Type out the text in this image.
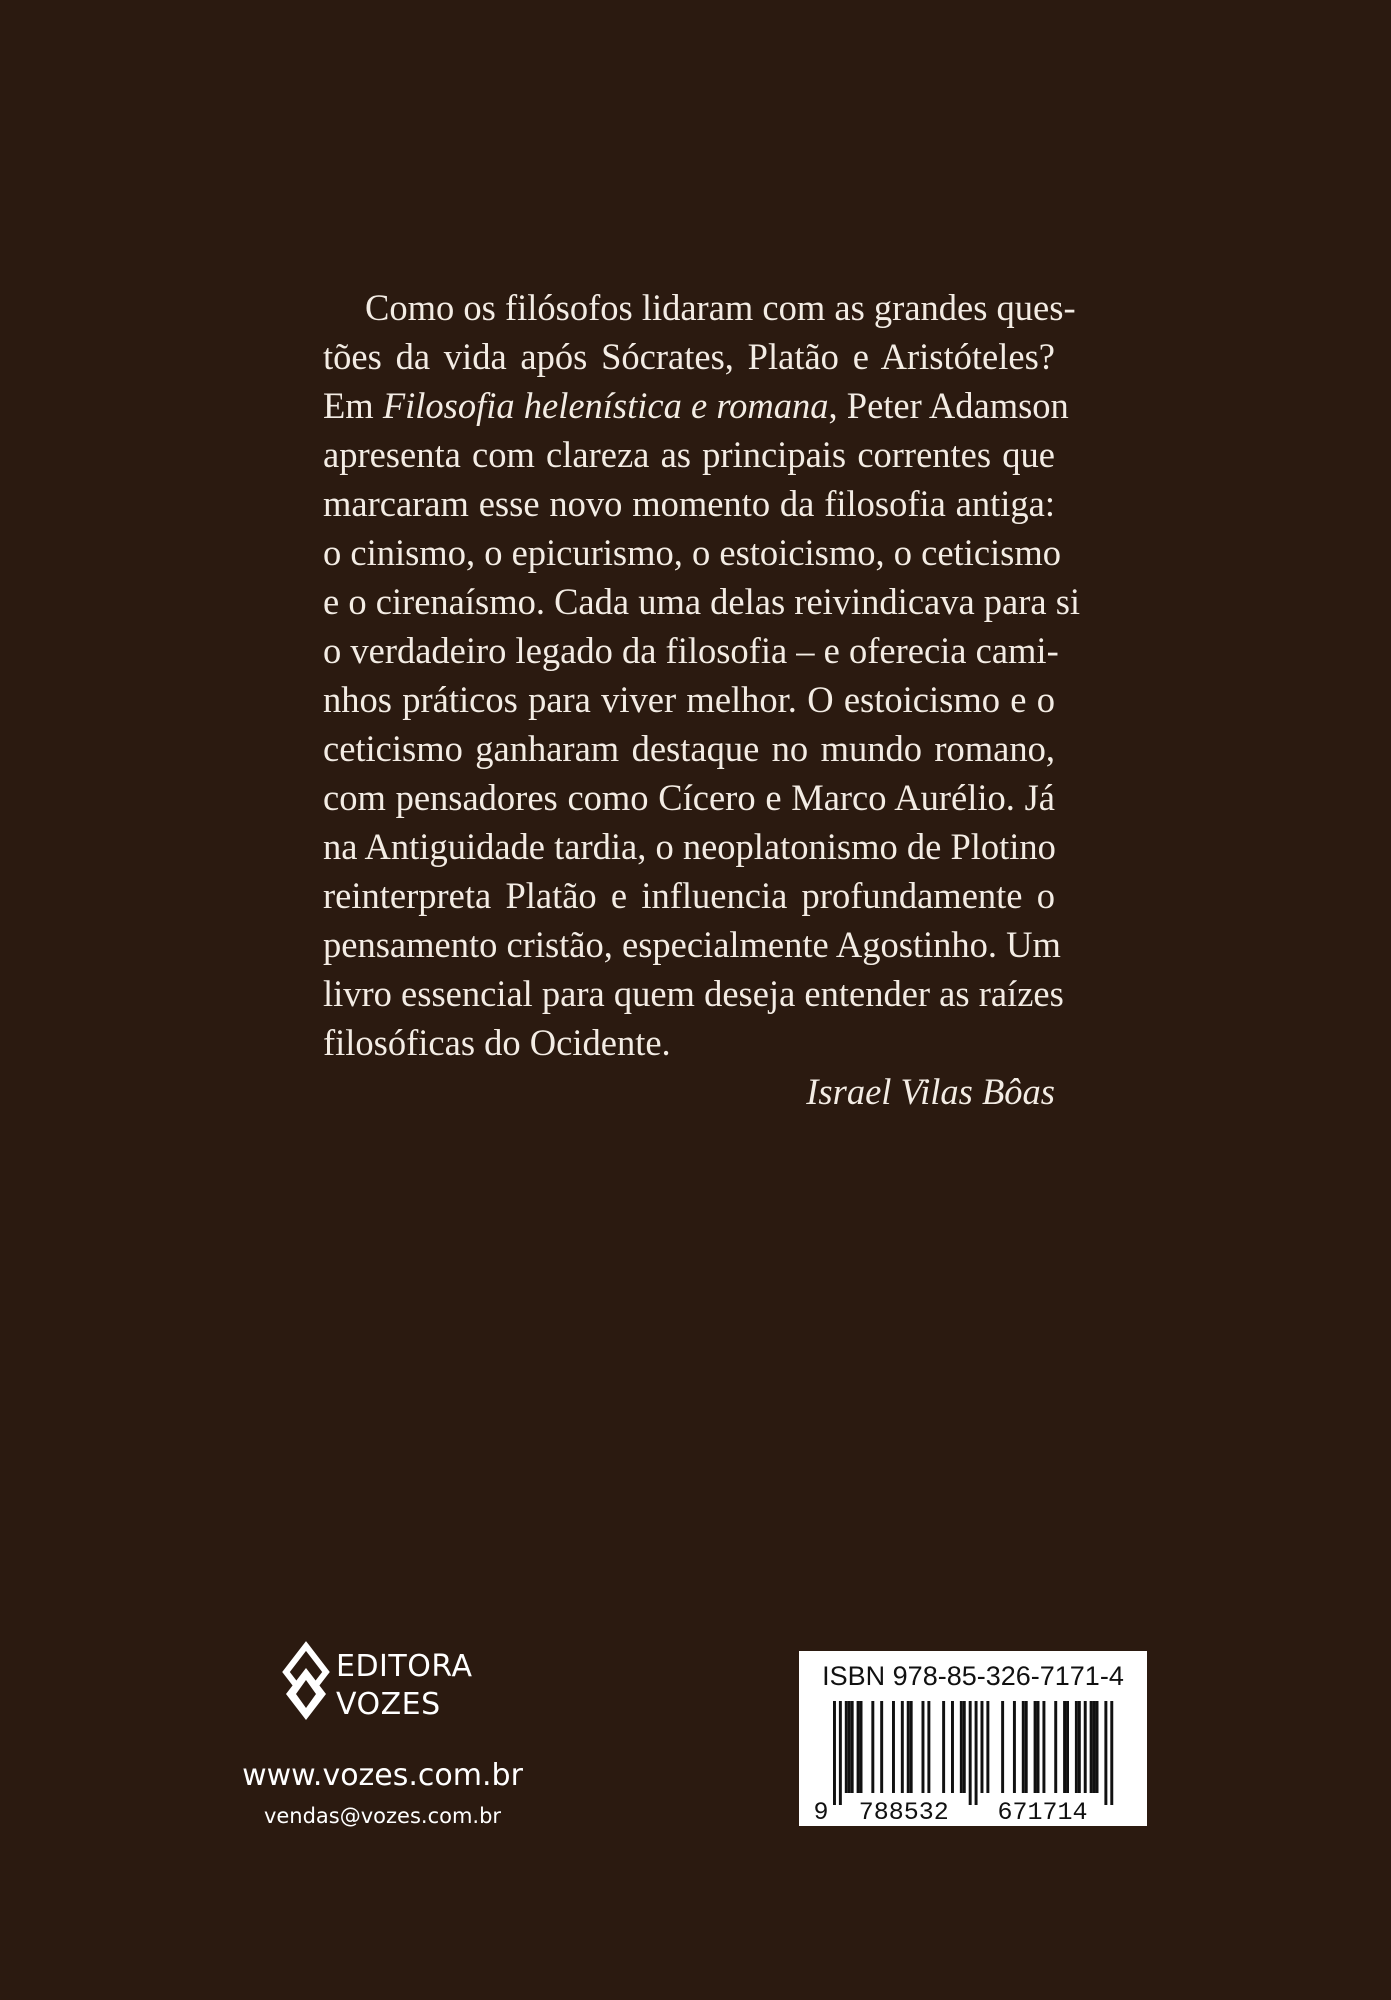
Como os filósofos lidaram com as grandes ques-
tões da vida após Sócrates, Platão e Aristóteles?
Em Filosofia helenística e romana, Peter Adamson
apresenta com clareza as principais correntes que
marcaram esse novo momento da filosofia antiga:
o cinismo, o epicurismo, o estoicismo, o ceticismo
e o cirenaísmo. Cada uma delas reivindicava para si
o verdadeiro legado da filosofia – e oferecia cami-
nhos práticos para viver melhor. O estoicismo e o
ceticismo ganharam destaque no mundo romano,
com pensadores como Cícero e Marco Aurélio. Já
na Antiguidade tardia, o neoplatonismo de Plotino
reinterpreta Platão e influencia profundamente o
pensamento cristão, especialmente Agostinho. Um
livro essencial para quem deseja entender as raízes
filosóficas do Ocidente.
Israel Vilas Bôas
EDITORA
VOZES
www.vozes.com.br
vendas@vozes.com.br
ISBN 978-85-326-7171-4
9 788532 671714
